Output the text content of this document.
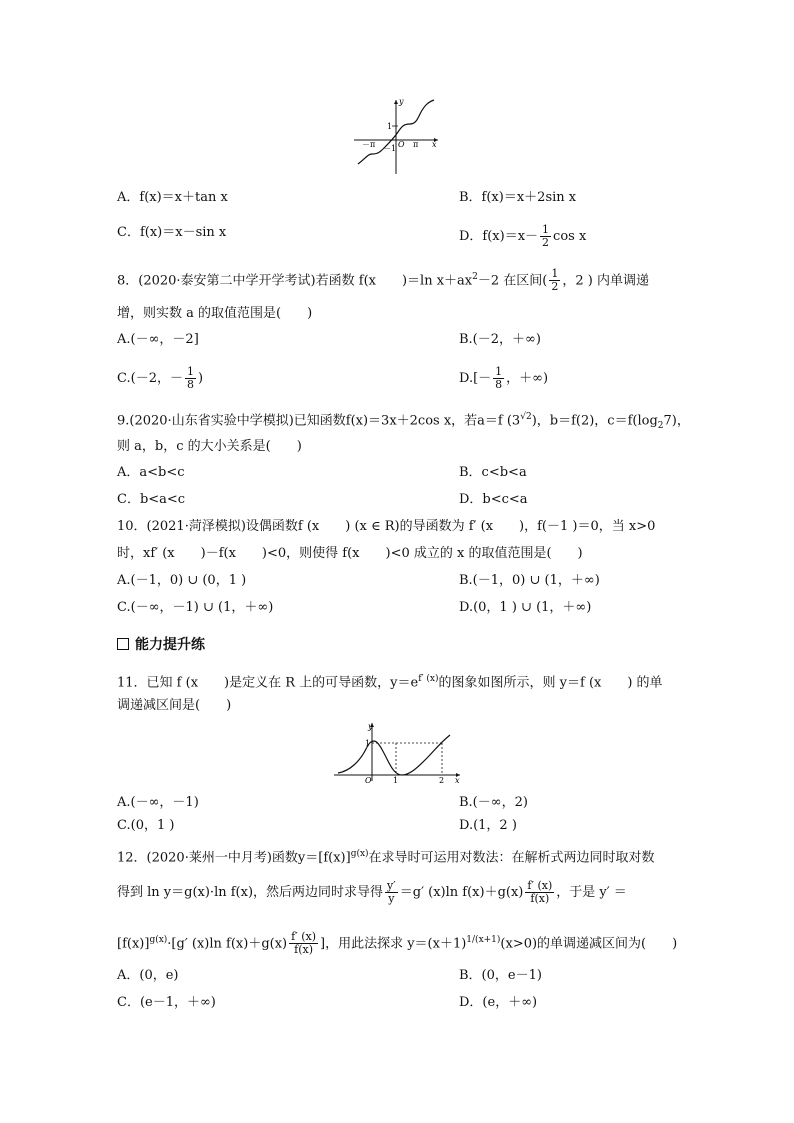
y
1
－1
－π	O π x
A．f(x)＝x＋tan x	B．f(x)＝x＋2sin x
C．f(x)＝x－sin x	D．$f(x)=x- \frac{1}{2}$ cos x
8．(2020·泰安第二中学开学考试)若函数 f(x　　)＝ln $x+ax^2-2$ 在区间( $\frac{1}{2}$ ，2 ) 内单调递
增，则实数 a 的取值范围是(　　)
A.(－∞，－2]	B.(－2，＋∞)
C.(－2，－ $\frac{1}{8}$ )	$D.[- \frac{1}{8}$ ，＋∞)
9.(2020·山东省实验中学模拟)已知函数f(x)＝3x＋2cos x，若a＝f $(3^{√2})$，b＝f(2)，$c=f(\log_27)$，
则 a，b，c 的大小关系是(　　)
A．a<b<c	B．c<b<a
C．b<a<c	D．b<c<a
10．(2021·菏泽模拟)设偶函数f (x　　) (x ∈ R)的导函数为 f′ (x　　)，f(－1 )＝0，当 x>0
时，xf′ (x　　)－f(x　　)<0，则使得 f(x　　)<0 成立的 x 的取值范围是(　　)
A.(－1，0) ∪ (0，1 )	B.(－1，0) ∪ (1，＋∞)
C.(－∞，－1) ∪ (1，＋∞)	D.(0，1 ) ∪ (1，＋∞)
能力提升练
11．已知 f (x　　)是定义在 R 上的可导函数，$y=e^{f' (x)}$的图象如图所示，则 y＝f (x　　) 的单
调递减区间是(　　)
y
1
O	1	2 x
A.(－∞，－1)	B.(－∞，2)
C.(0，1 )	D.(1，2 )
12．(2020·莱州一中月考)函数$y=[f(x)]^{g(x)}$在求导时可运用对数法：在解析式两边同时取对数
得到 ln y＝g(x)·ln f(x)，然后两边同时求导得 $\frac{y'}{y} =g'$ (x)ln $f(x)+g(x) \frac{f' (x)}{f(x)}$ ，于是 y′ ＝
$[f(x)]^{g(x)}\cdot[g'$ (x)ln $f(x)+g(x) \frac{f' (x)}{f(x)}$ ]，用此法探求 $y=(x+1)^{1/(x+1)}(x>0)$的单调递减区间为(　　)
A．(0，e)	B．(0，e－1)
C．(e－1，＋∞)	D．(e，＋∞)
